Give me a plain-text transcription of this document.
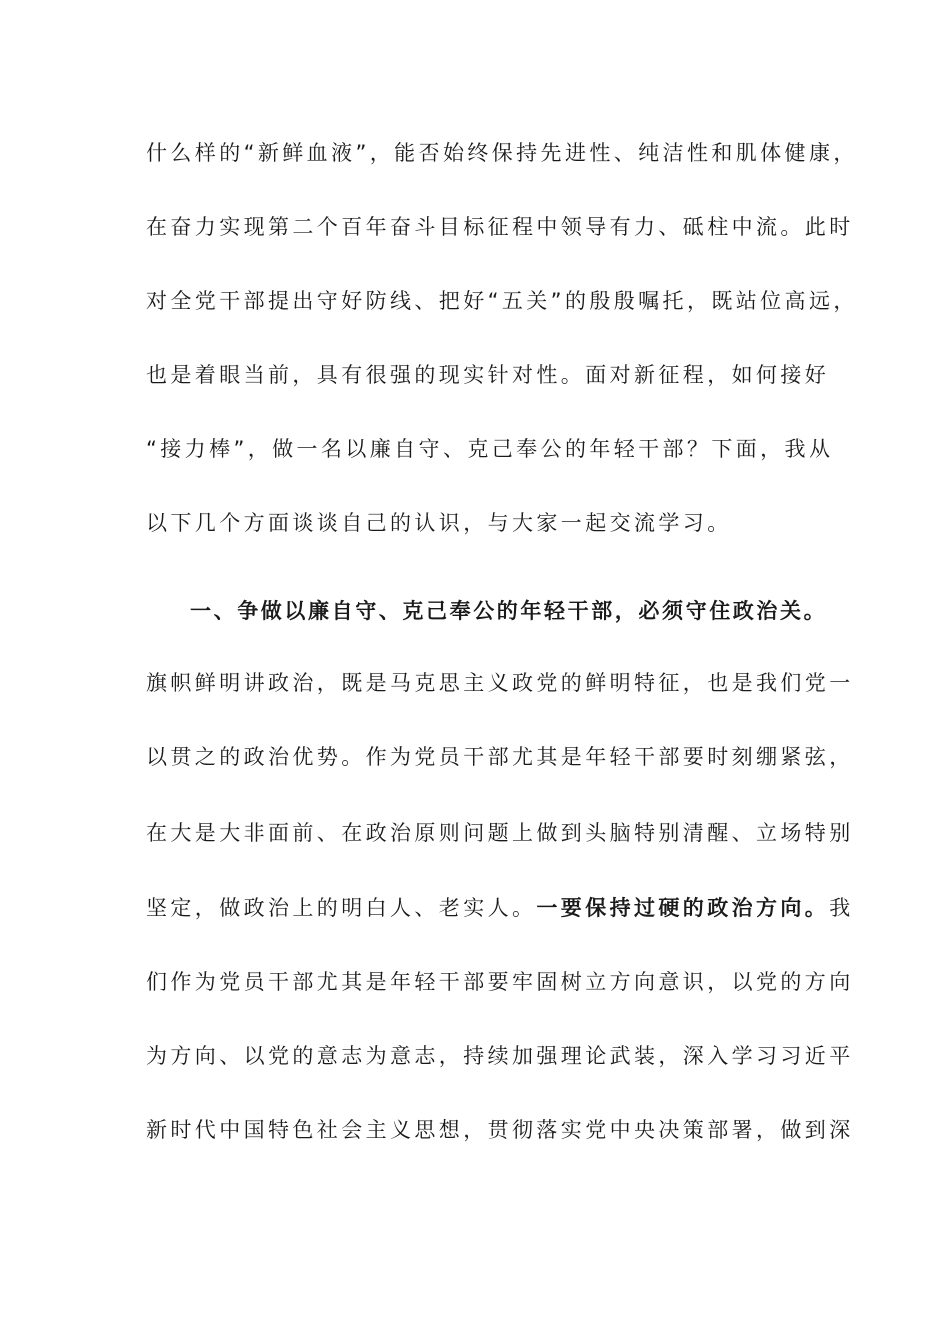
什么样的“新鲜血液”，能否始终保持先进性、纯洁性和肌体健康，
在奋力实现第二个百年奋斗目标征程中领导有力、砥柱中流。此时
对全党干部提出守好防线、把好“五关”的殷殷嘱托，既站位高远，
也是着眼当前，具有很强的现实针对性。面对新征程，如何接好
“接力棒”，做一名以廉自守、克己奉公的年轻干部？下面，我从
以下几个方面谈谈自己的认识，与大家一起交流学习。
一、争做以廉自守、克己奉公的年轻干部，必须守住政治关。
旗帜鲜明讲政治，既是马克思主义政党的鲜明特征，也是我们党一
以贯之的政治优势。作为党员干部尤其是年轻干部要时刻绷紧弦，
在大是大非面前、在政治原则问题上做到头脑特别清醒、立场特别
坚定，做政治上的明白人、老实人。一要保持过硬的政治方向。我
们作为党员干部尤其是年轻干部要牢固树立方向意识，以党的方向
为方向、以党的意志为意志，持续加强理论武装，深入学习习近平
新时代中国特色社会主义思想，贯彻落实党中央决策部署，做到深
